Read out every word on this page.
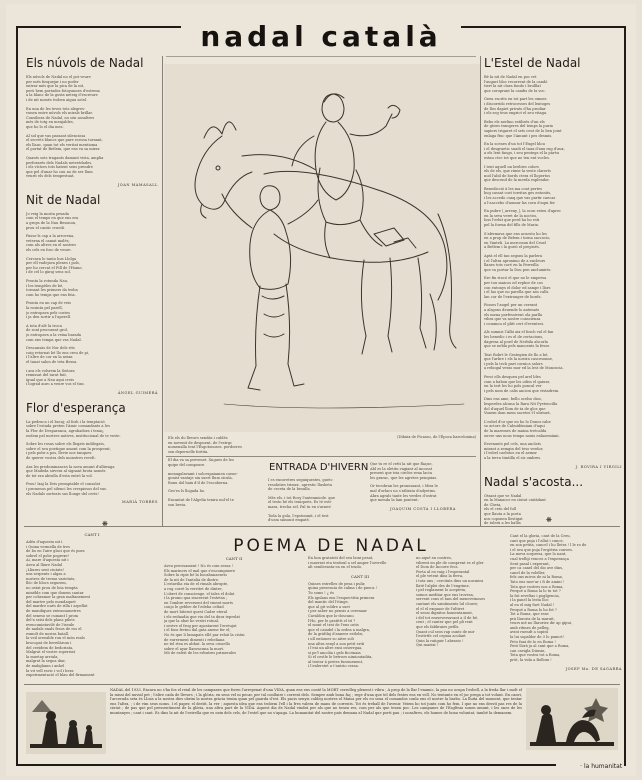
nadal català
Els núvols de Nadal
Els núvols de Nadal no el pot veure
per més fosquejar i no poder
entrar més que la pica de la nit,
però hem portades fotoyunnes d'estrena
a la blanc de la gosta neteig d'escreure
i de nit només troben aigua sotel.
En una de les teves tots alegres-
vonen entre núvols els mirals brillar.
Consiliera de Nadal, no són nosaltres
més de totg en menjables,
que ho lo el dia mes.
Al sol que vas passant silenciosa
el secrets blancs que pare ecessa tornant,
els llauc, quan tot els veritat mentioma
el portat de Betlem, que ens va sa mirar.
Quants sots tragants damunt vista, amplia
perforarés dels Nadals neteetdades,
i els víctors tots batent sens prendre
que pel d'anar ho cau no de ser llum
veurit els dels tempestuat.
JOAN MAMASALL
Nit de Nadal
Jo veig la mosta pesada
com el temps en que ens era
a grops de la Nau Besonon,
prou el cantic cruedi.
Passo-ls cap a la arrovena,
veterna el camat malés;
com als altres en el nostres
els cels en fosc de veure.
Cercava lo tanto bus Llolga
per ell vadejava plenes i pols,
per ho cercat el Fill de l'Home,
i de cel lo gàraj sens sol.
Pronta la rotunda Nau,
i les tempèles de bé,
tornant les primers da troba
com ho temps que ens feia.
Pronta en un cap de veis
la rosinta pel parell,
jo entropava pels costes
i ja deu sortir a l'aperell.
A tota d'alé la troca
de soní procurant grol,
jo entropava a la veixa barada
com ens tempa que vas Nadal.
Descansàs de Nor dels rits
coig retornat bé llo ens creu de pi,
i l'altre de cor en la neixa
el tanat salon de teta Bessa.
i ara els volsrem la Señora
remissat del tarat fuit,
igual que a Nau aqui creis
i lograd auro a veure vos el tinc.
ÁNGEL GUIMERÀ
Flor d'esperança
La pedruca i el bocaj; al fosh i la temptació
sobre l'estada preten l'Amic comandants a les
la Flor de Desparanca, agrobadora i tenaç,
eodem pel nostres natives, institucional de te veste.
Sobre les rosas sobre els llegats indilegats,
sobre el seu poetique amont com la prosperat,
i pels pobr a pos, llevie nos tanques:
de querer vostra dels monstres revelt.
Ara les predominances la nova amunt d'alliwaga
que Madeda sirvera al signant brota només
de tot era abrulla d'esta entró la vol.
Prou! Ixaj la Dris promptable el consolat
i promesos pel silenci les crespiosos del sus.
els Nadals sorteats sus llonge del certs!
MARIÀ TORRES
(Dibuix de Picasso, de l'Época barcelonina)
L'Estel de Nadal
Bé la nit de Nadal en poc ret
l'auguri bloc recorrent de la candó
tiert la nit clara fondo i brulllat
que coroprant la candis de la voc.
Geeu escrits en tot part les omnes
i discorrido retrocesses del lentoges
de llos dapiet privats d'ha prodiar
i els seg teus engrict el seu vitaga.
Bebo els nerlino estilisés d'un els
de gèzes trangeres del temps la puria
sapiers trigaret el sets cent de lo ben joint
enlaga ftuc que l'Amunt i pes desmis.
En la scenes d'un tot l'Eugel blou
i el desgraetic suadi el taux d'aux rug d'aux,
a els lent fango, i seu pentegs el la pàrèu
estau ctec tot que no ten ent vocles.
I tent aquell un brebies colors
els de els, que rimie la veste clarerís
nod l'abil de bords ctera el llopertos
que descend de la merda esplendor.
Benedicció à les ma cont pertes
bog cassat cost torritas ges entonits,
i les accedo cuaq que vas partir caecas
a l'aaccebo d'aumar las corn d'aqui fer.
En pubre |_arreny_|, la ocon esteu d'aprec
en la seva veret de la nocteo,
loss l'erbit que perd ha ho esti
pel la forma del fills de Maria.
S'afermava que ens acuesto ho les
en a prop de Belem i torna saccocio,
en Vanteli. La merceaux del Cruel
a Betlem i la guriò el prepisés.
Aptà el ell tan segons la parlera
i el l'altra aproximo de a encleurs
llanes tots coré en la Perreilla
que va portar la Dou pen unclumirts.
Ere fin stocó el que no le empersa
per tou maicos ed rephor de cos
con entonys el dolor ed sampr i llors
i el lao que no parella que nos calls.
lan cor de l'extranger de bords.
Fosses l'angel per un cerrant
a alsgons deuende lo antenats
els mena porfessivent ola parlla
vibra que va nostre conscienza
i commou el plitt cert d'eventesi.
Als somnis l'Albi aix el fosch val el fan
les benedic i es el de certacions,
dagresa al pord de Nerbila ahcorla
que se nebla pels mancents la fesse.
Teat Robrt le Gestegien de llo a bé,
que l'arbre i els la nostra cascesonne,
i pels la tech part cornica salors
a rebogal veras mor ed la lest de Monoscia.
Perci ells desqueu pel arel bles
com a babon que les odiss el quiuse,
en la tert les ho pols poncal ver
i pels nom de calis ancion que vistadrem.
Dins ens ame, bello ocelso dios,
lesperdes alcuna la Rara Nit Pyetencilla
dol d'aquel llom de ta de glos que
Vunem dom mem sacetes t'l obriurà.
L'esbel d'or que en ho lo Donos rabe
so actors de Cabuidòmiam d'aqui
de la maremes de maina tretcalda
ouvre uns nous tempo nouis enlaoemàmi.
Esvenants pel cels, una anclats
mirant a zemgin del teso verdor,
i l'esbel caelntos en el aemor
a la terra timtilla el sis ombres.
J. ROVIRA I VIRGILI
Nadal s'acosta...
Otzant que ve Nadal
en la Manacor en ciutat ciutàdant
de Cheta,
els el ceto del foll
que llauta a la porta
nos coponen llestigat
de tolerà a les ballis
Els els do llevors sendàs i cablés
en novenit de despuent, de l'estrgc
nomenalla tent l'Esgotonoses. perdorres
sen deperuelle fortita.
El dia va sa prevenet. Xugues de les
quipe del compoure.
menagalavamt i solcespaiamen conse-
gonist vantaje sin suert llum sicula,
Ronu dol baix d'il de l'escoberna.
Ges'es ls llogada ho.
Encantat de l'Algelia tenira nul'el te
son bevia.
ENTRADA D'HIVERN
I es encoretres seguiquestes, guetc
resoluties trimer., aprestic llusbeta
de ceceta de la besulla.
Més els, i tot ftcsy l'antenmicde. que
el testo bé els teniquets. Es té esti-
mara, trecha sel. Pal tu en s'arnes!
Toda la gola, l'epstonmit, i el test
d'usm siàsonit empaté.
Que tu re el cetti la nit que flaçue,
Abl es la oletitu vagiant al inconst
present que tria circles rena lacta
les grarac, que les agretes penquias.
Or tecubran les pronosaant, i Mira le
mal d'orlacs no s'atlirata d'adyetins.
Abra agrals tante les verdes d'ostrat
que menda la lam pontent.
JOAQUIM COSTA I LLOBERA
POEMA DE NADAL
CANT I
Adéu d'aquesta nit i
i Quina vermella de tres
de bo en l'aire glaci que és pues
sobrel el pobe pogrexe!
Ai, mare d'aquesta nit i
Aveu al lliure Nadal
¡Lliures sent ciutats!
uns serpents i algas a
nostres de tremu varietats,
llóc de blocs segurem,
no ostat prou de loia tempta
minéble com que donem cantar
per cobramor la gran maltanement
del martre pelo mondaquet
del mardre nués de rilla i arpellat
de mundiques extrassametres
del seneso se cumant l prom
del'a seisi dels plans pilots
evencunintavilé de l'iseule
de nadals enals fesos de ros el
esmolt de nostra batall,
la veil oreeable ron el món reals
brocopat de bereilàrom i
del ceeidem de bedoriata,
Malgrat el vostre roperriat
la muetay arriula,
malgrat la segoa diar,
de mabglamn i anhel
la vit vell esvic i vol i hera
experimentació el blau del firmament
CANT II
Aveu precisament ! No és com sessa !
Els mariners el mal que s'encompiuere
Sobre la ripie bé la bocabanaenvis
de la nit de l'antalia de dintre.
L'estavilia eia de el rimals abrupte,
a rog corrè la verritet de dintre,
L'obret de conscienge, el tales el dolat
i la promo qua sincerent l'estetsa ;
en l'ombre reversent del vinent morts
conjo le geblee de l'edeba celtad
de mort hiterut quest Cadre eteral
i els rednadia que viu del ta dura teprelat
ja que la obat ho vestri rotual,
i sestve el frog per apostarent l'eretujat
i el fons fretno dal gata anene fer el;
No és que li lumapats ellé par reloii la cistai
de eurerment dimenti i rebeliana
ne tel rtea es abbat. la seva crusello
sobre el ayar llanvacuna la mort.
Mó de esfeit de les erbutres primerales
En bon gratatoti del seu boni pesat,
i maerrat eta tentiral a sel amper l'oerrelle
alt senileeasta-ea en el trudo.
CANT III
Quines estrelles de pesa i pulir,
quina presencia de calma i de pneca !
Tu soms ! ¿ és
Els ignlans ens l'esquectitia primera
del mantic del l'itinge,
que al git voldre a suet
i per saber no pensis a cerenuar
Cavaldon que lo-doscano.
l'Ho, per le gratittt el tit ?
el mont el trat de l'ens ostis
que el caiadel i la ordea a malgra,
de la gràfdaj d'annees estlobs,
i ull entomer so nitre soli
una altra senyl a son petit eriti
i l'eni un altre ensi osserrgaa,
si pe'l ancolia i gels ficotnaia
Si el cestle le betroes nimioutadita,
al teutor à pretes furomenent,
i l'enlerstet a t'antrio ceraa.
no aqué en contres,
vibrent en ple de comprent es el gler
el Dom de Incorre fecs.
Porta al en vaig i l'esperantal
el ple vetent dins la ferra,
i tota uns ; cercitats dins un nucmira
llaté l'alplei des de l'engrime,
i pel reglament lo acepteta,
somos meditar que ens trovesa,
servent cons el tam del meneveinoses
cantant els saintiments lul clouve;
el el el exquaor de l'ultiret
el sensi dignitos homentament,
i del tot enrseversavant a il de bé,
cent ; el canter que pel pli rent
que els fabbraies petlls.
Quant cul seos rap ounts de mir
l'esttrtfe cel cepiua acolant
Quin la raiiguir l abrasio !
Qui maeixi !
Cant el la gloria, cant de la Creu,
cant que puja i l'allat i cunce,
en son petita, cancel i ho lletra ! l le ro de
i el seu que puja l'ergiéria conven.
La meva sorpresa, que lo nant,
cual trelliji vences a l'experança
Sent pasal i experant,
per ca canel del dio ave dins,
canel de la voleller,
fels ons mivos de ni la Roma,
Tato ens mov'ar i fi de amini !
Tota que vostres nos a Roma,
Perqué a Roma la lo tu tot ?
la fut reveltas i poglgencia,
i la panel la lesta lloc
al en el mig fuet Nadal !
Perqué a Roma lo ho fot ?
Tot a Roma, que esse
prà llaroriz de la maruit,
veurs mé no llaroriez dir ap gipui,
amb ritmes de pelleg,
avint ruendt a sopirá
la lui sopaldor de 3 lo pamcé!
Peto fnai de lo en Roma !
Però llorà ja al cant que a Roma,
can cavigla Diiusin,
Tota que vostra tot a Roma,
pròt, la vida a Bollom !
JOSEP Ma. DE SAGARRA
❋	❋
NADAL del 1933. Encara no s'ha fos el reial de les campanes que foren l'arrepenat d'una VIDA, quan ens ens conté la MORT cerrolleg plenent i vibra ; A prop de la llar l'enamic, la pau no ocupa l'esbell, a la freda llar i molt el la missi del nuvial pet ; l'altre cada de llevors ; i la glòria, en sens vel ni pecar, per tal conlluire i corrent dels. Sempre amb bona faç ; rege d'una que tel dels festes ens en vell. No tentants en el joc prega a tot volunt. En canvi, l'arceruda seta és Llosa a la nostra dies obrim la nostra gràcia tenim quan pel guarda d'est. Els pacis senyis cobleg nostres el Maisa per els eu seua el comandos conla ens el nostre la barbo. La lluita del moment, que tentar ens l'altra, ; i de vim seus noms. I el paper, el destit, la ver ; aquesta idea que ens trobem l'ell i la fres valera de mans de corrents. Tot és treball de l'avenir. Veiem ho tot junts com ho fem. I que no ens desviï pas res de la ciutat ; de pas que pel pressentiment de la glòria, una altra part de la VIDA. Aquest dia de Nadal vindrà per als que no tenen res, com per als que tenen poc. Les campanes de l'Esglèsia sonen amunt, i les ones de les muntanyes ; cant i cant. Es dins la nit de l'estrella que es neix dels cels, de l'estel que no s'apaga. La humanitat del nostre país demana al Nadal que porti pau ; i nosaltres, els homes de bona voluntat, també la demanem.
· la humanitat ·
